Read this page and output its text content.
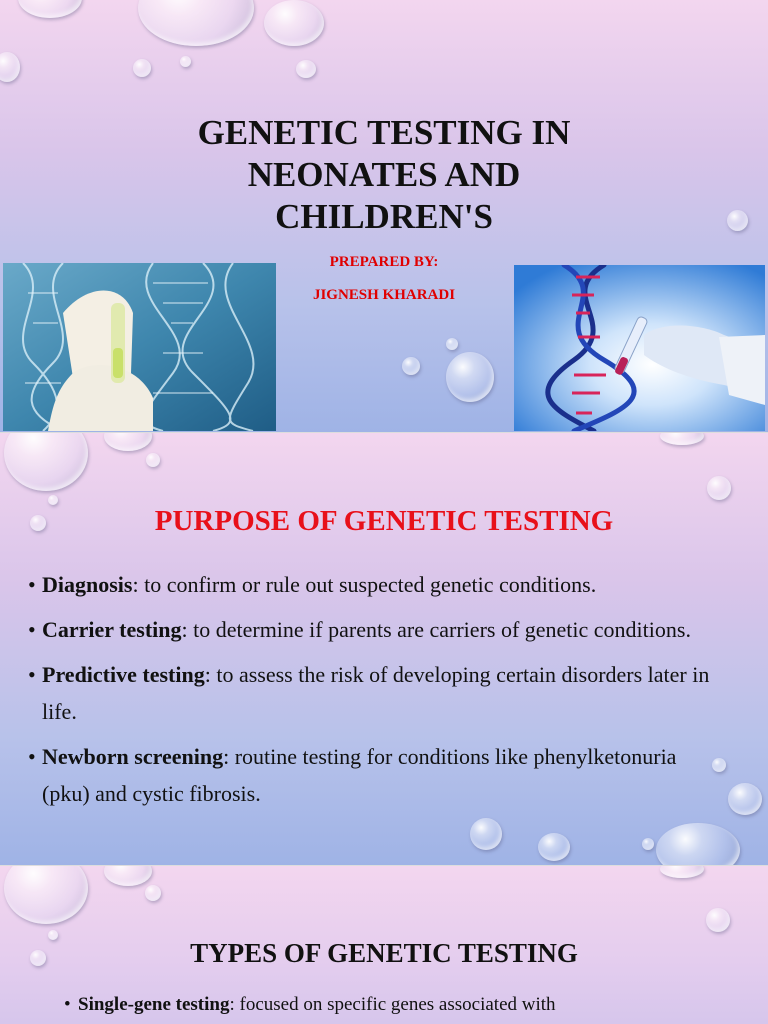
GENETIC TESTING IN
NEONATES AND
CHILDREN'S

PREPARED BY:

JIGNESH KHARADI

PURPOSE OF GENETIC TESTING
• Diagnosis: to confirm or rule out suspected genetic conditions.
• Carrier testing: to determine if parents are carriers of genetic conditions.
• Predictive testing: to assess the risk of developing certain disorders later in life.
• Newborn screening: routine testing for conditions like phenylketonuria (pku) and cystic fibrosis.
TYPES OF GENETIC TESTING
• Single-gene testing: focused on specific genes associated with
